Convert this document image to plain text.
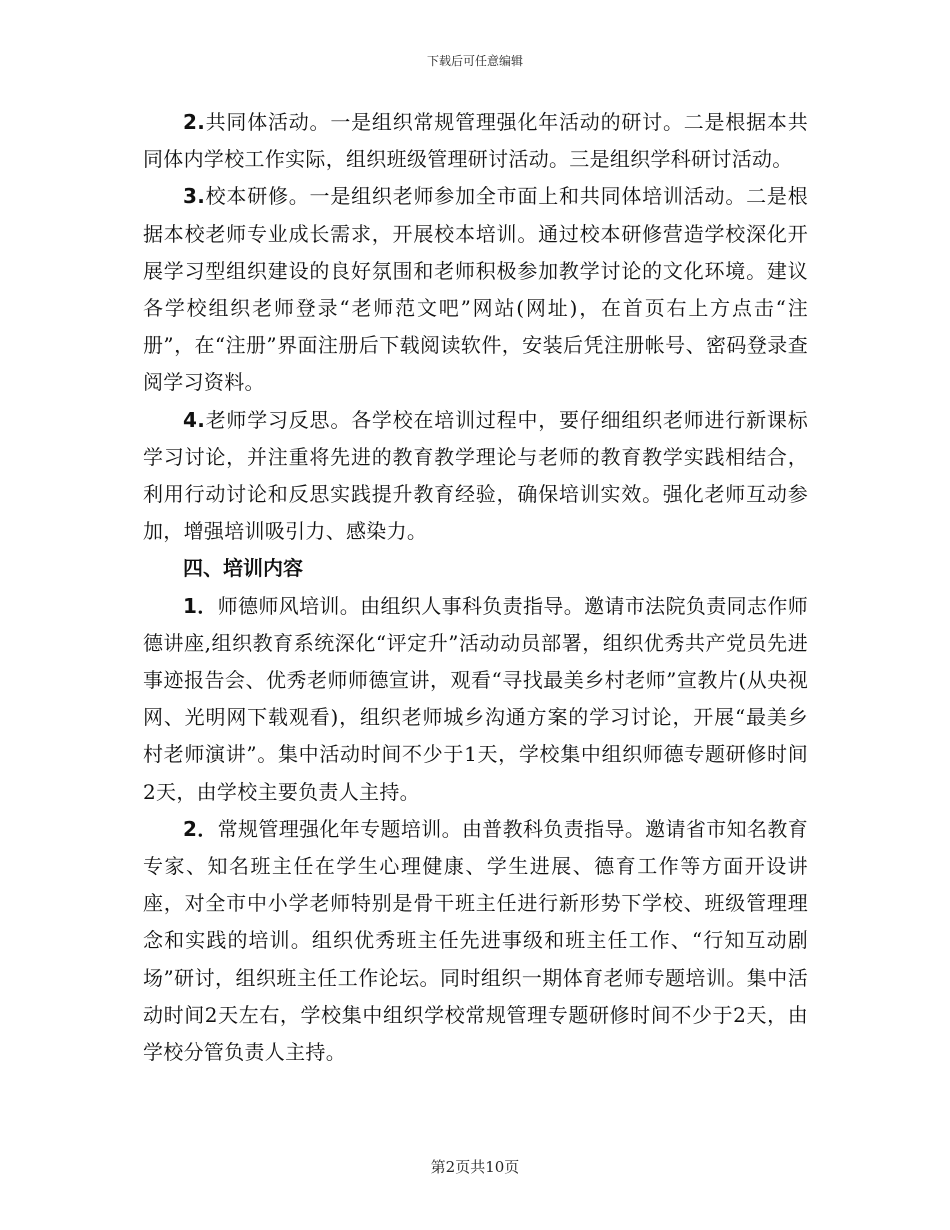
下载后可任意编辑

2.共同体活动。一是组织常规管理强化年活动的研讨。二是根据本共同体内学校工作实际，组织班级管理研讨活动。三是组织学科研讨活动。

3.校本研修。一是组织老师参加全市面上和共同体培训活动。二是根据本校老师专业成长需求，开展校本培训。通过校本研修营造学校深化开展学习型组织建设的良好氛围和老师积极参加教学讨论的文化环境。建议各学校组织老师登录“老师范文吧”网站(网址)，在首页右上方点击“注册”，在“注册”界面注册后下载阅读软件，安装后凭注册帐号、密码登录查阅学习资料。

4.老师学习反思。各学校在培训过程中，要仔细组织老师进行新课标学习讨论，并注重将先进的教育教学理论与老师的教育教学实践相结合，利用行动讨论和反思实践提升教育经验，确保培训实效。强化老师互动参加，增强培训吸引力、感染力。

四、培训内容

1．师德师风培训。由组织人事科负责指导。邀请市法院负责同志作师德讲座,组织教育系统深化“评定升”活动动员部署，组织优秀共产党员先进事迹报告会、优秀老师师德宣讲，观看“寻找最美乡村老师”宣教片(从央视网、光明网下载观看)，组织老师城乡沟通方案的学习讨论，开展“最美乡村老师演讲”。集中活动时间不少于1天，学校集中组织师德专题研修时间2天，由学校主要负责人主持。

2．常规管理强化年专题培训。由普教科负责指导。邀请省市知名教育专家、知名班主任在学生心理健康、学生进展、德育工作等方面开设讲座，对全市中小学老师特别是骨干班主任进行新形势下学校、班级管理理念和实践的培训。组织优秀班主任先进事级和班主任工作、“行知互动剧场”研讨，组织班主任工作论坛。同时组织一期体育老师专题培训。集中活动时间2天左右，学校集中组织学校常规管理专题研修时间不少于2天，由学校分管负责人主持。

第2页共10页
